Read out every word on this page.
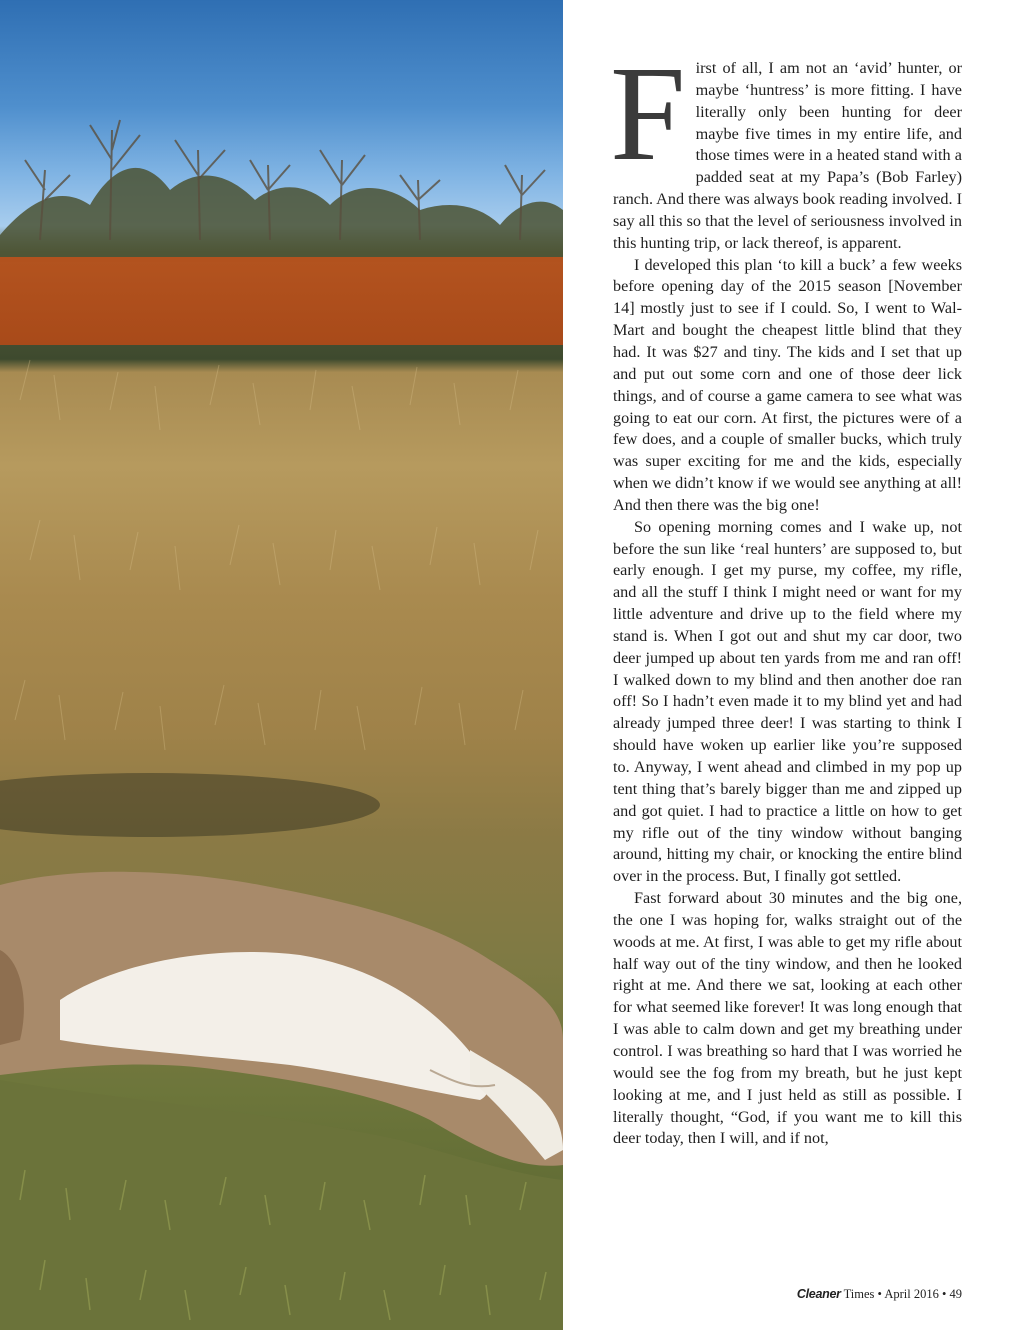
First of all, I am not an ‘avid’ hunter, or maybe ‘huntress’ is more fitting. I have literally only been hunting for deer maybe five times in my entire life, and those times were in a heated stand with a padded seat at my Papa’s (Bob Farley) ranch. And there was always book reading involved. I say all this so that the level of seriousness involved in this hunting trip, or lack thereof, is apparent.

I developed this plan ‘to kill a buck’ a few weeks before opening day of the 2015 season [November 14] mostly just to see if I could. So, I went to Wal-Mart and bought the cheapest little blind that they had. It was $27 and tiny. The kids and I set that up and put out some corn and one of those deer lick things, and of course a game camera to see what was going to eat our corn. At first, the pictures were of a few does, and a couple of smaller bucks, which truly was super exciting for me and the kids, especially when we didn’t know if we would see anything at all! And then there was the big one!

So opening morning comes and I wake up, not before the sun like ‘real hunters’ are supposed to, but early enough. I get my purse, my coffee, my rifle, and all the stuff I think I might need or want for my little adventure and drive up to the field where my stand is. When I got out and shut my car door, two deer jumped up about ten yards from me and ran off! I walked down to my blind and then another doe ran off! So I hadn’t even made it to my blind yet and had already jumped three deer! I was starting to think I should have woken up earlier like you’re supposed to. Anyway, I went ahead and climbed in my pop up tent thing that’s barely bigger than me and zipped up and got quiet. I had to practice a little on how to get my rifle out of the tiny window without banging around, hitting my chair, or knocking the entire blind over in the process. But, I finally got settled.

Fast forward about 30 minutes and the big one, the one I was hoping for, walks straight out of the woods at me. At first, I was able to get my rifle about half way out of the tiny window, and then he looked right at me. And there we sat, looking at each other for what seemed like forever! It was long enough that I was able to calm down and get my breathing under control. I was breathing so hard that I was worried he would see the fog from my breath, but he just kept looking at me, and I just held as still as possible. I literally thought, “God, if you want me to kill this deer today, then I will, and if not,

Cleaner Times • April 2016 • 49
